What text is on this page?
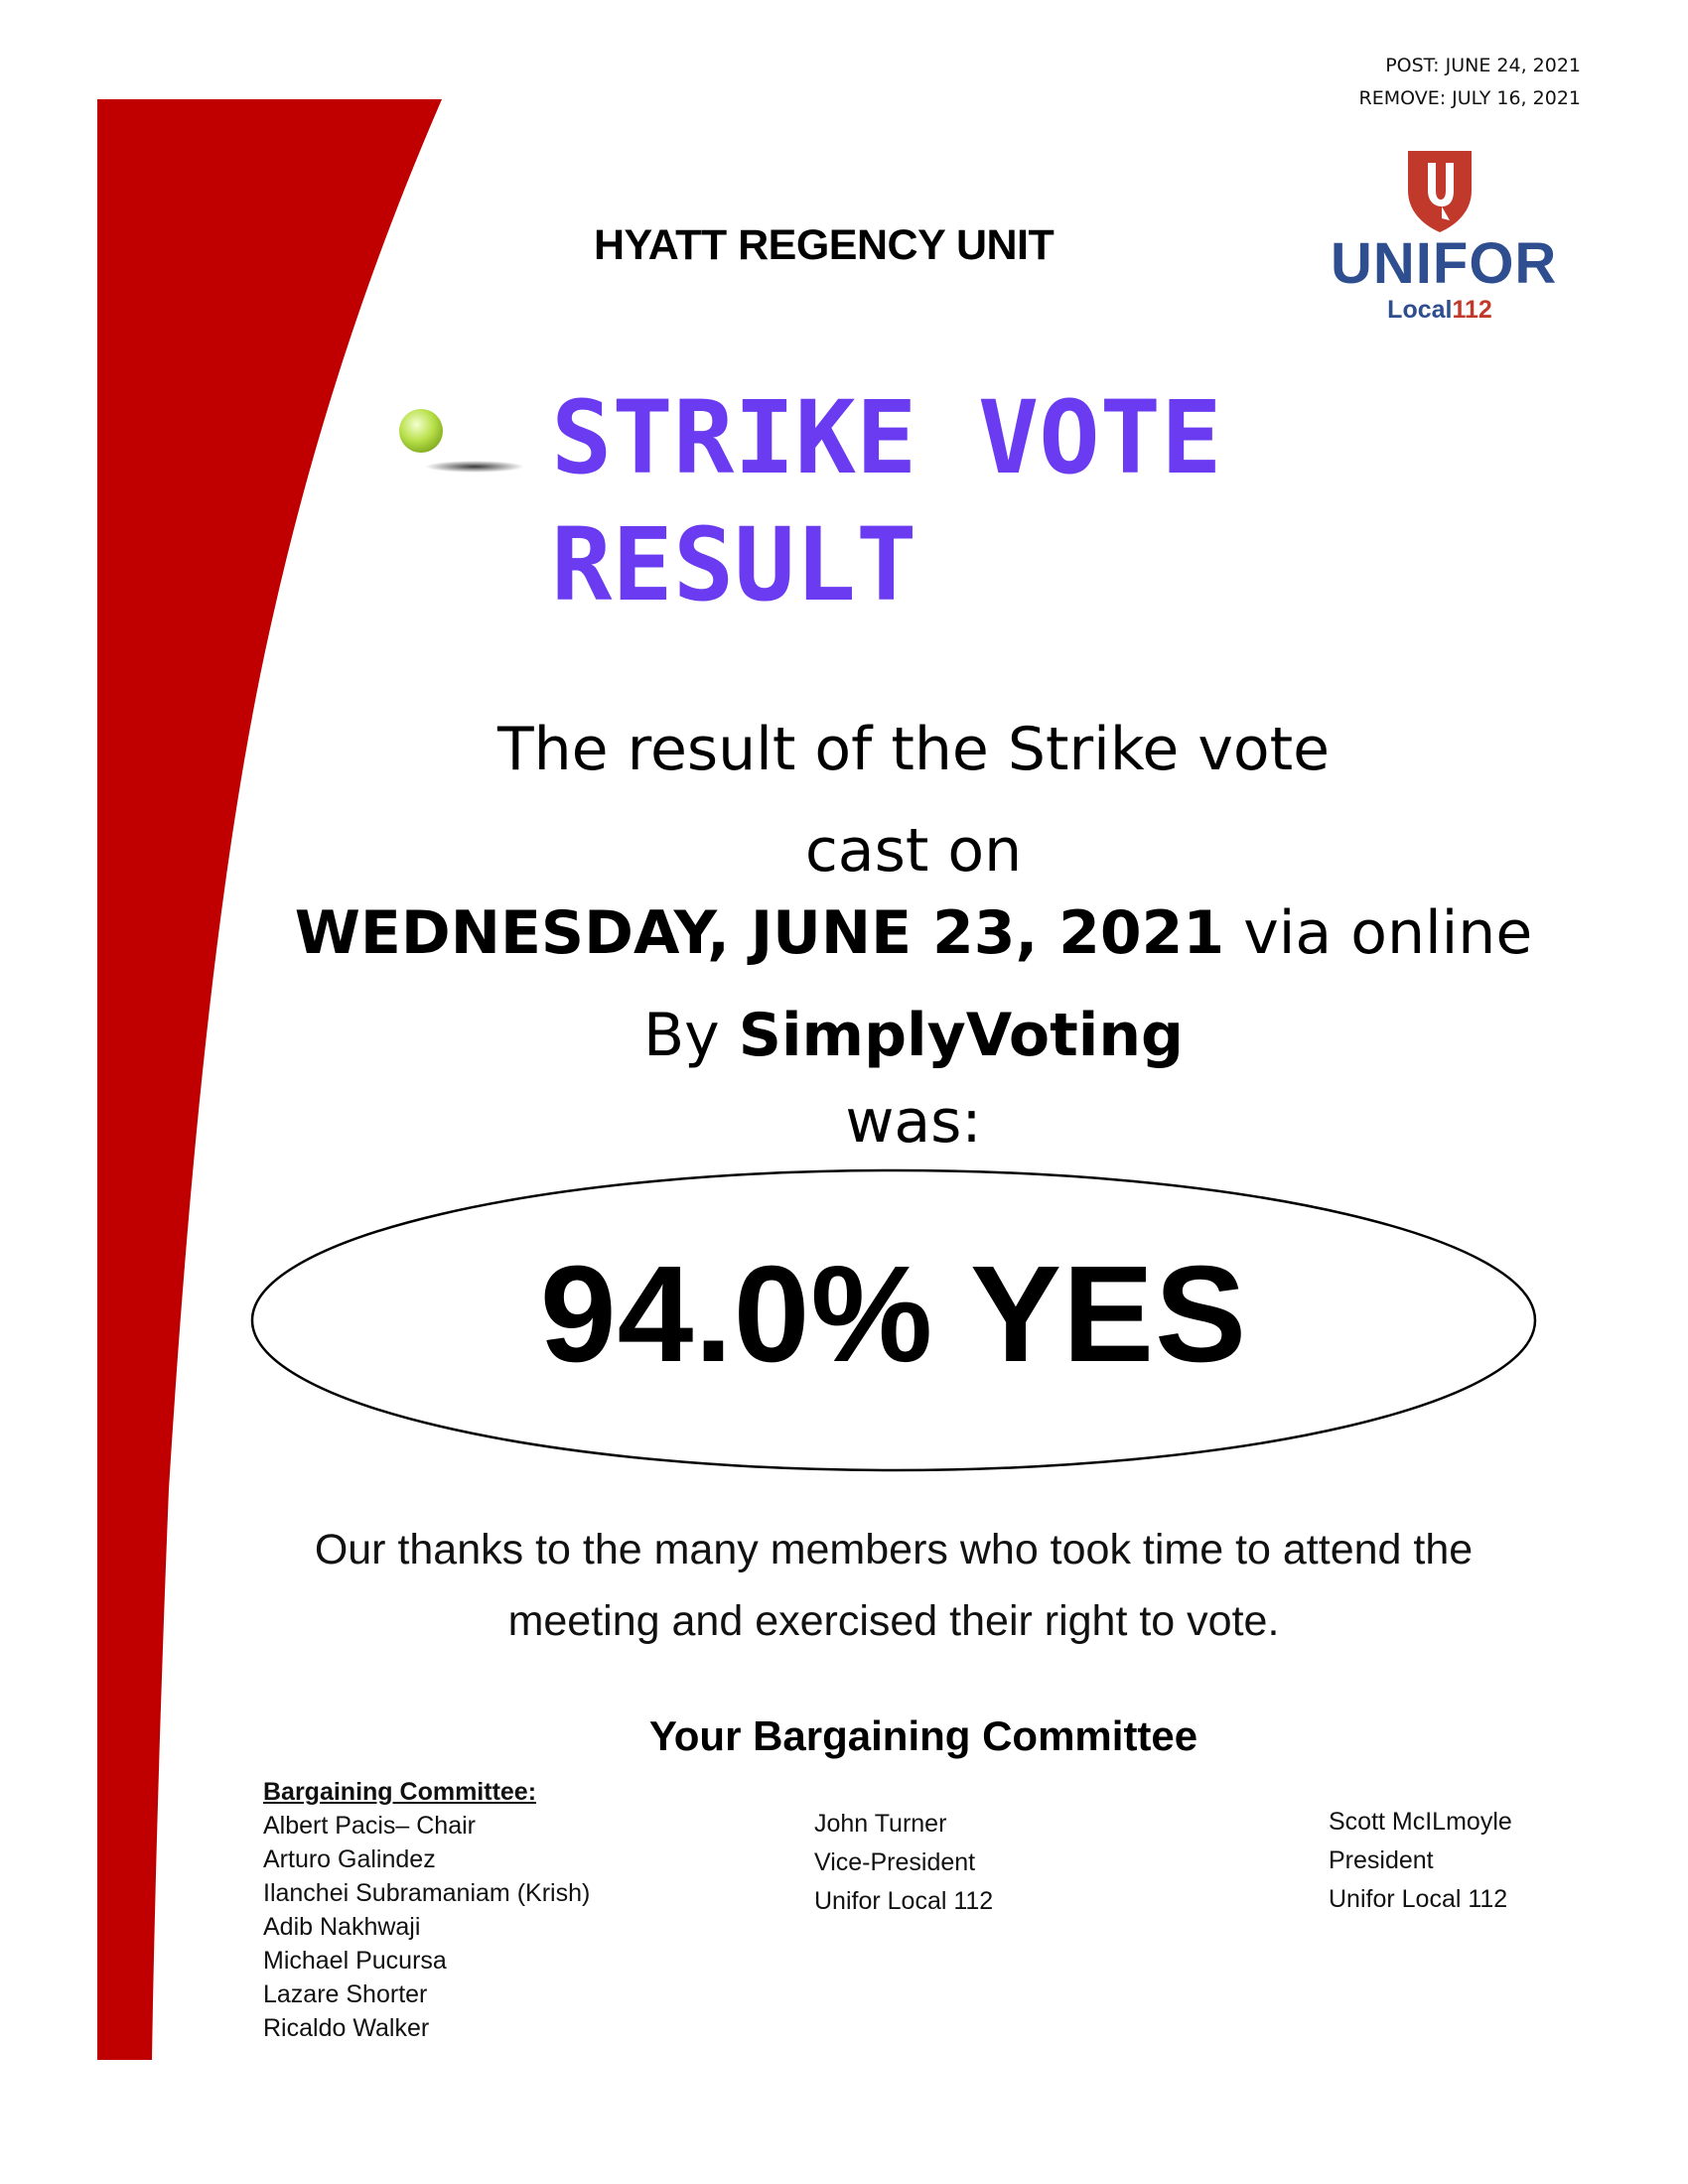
POST: JUNE 24, 2021
REMOVE: JULY 16, 2021
HYATT REGENCY UNIT	UNIFOR
Local112
STRIKE VOTE
RESULT
The result of the Strike vote
cast on
WEDNESDAY, JUNE 23, 2021 via online
By SimplyVoting
was:
94.0% YES
Our thanks to the many members who took time to attend the
meeting and exercised their right to vote.
Your Bargaining Committee
Bargaining Committee:
Albert Pacis– Chair
Arturo Galindez
Ilanchei Subramaniam (Krish)
Adib Nakhwaji
Michael Pucursa
Lazare Shorter
Ricaldo Walker
John Turner
Vice-President
Unifor Local 112
Scott McILmoyle
President
Unifor Local 112
